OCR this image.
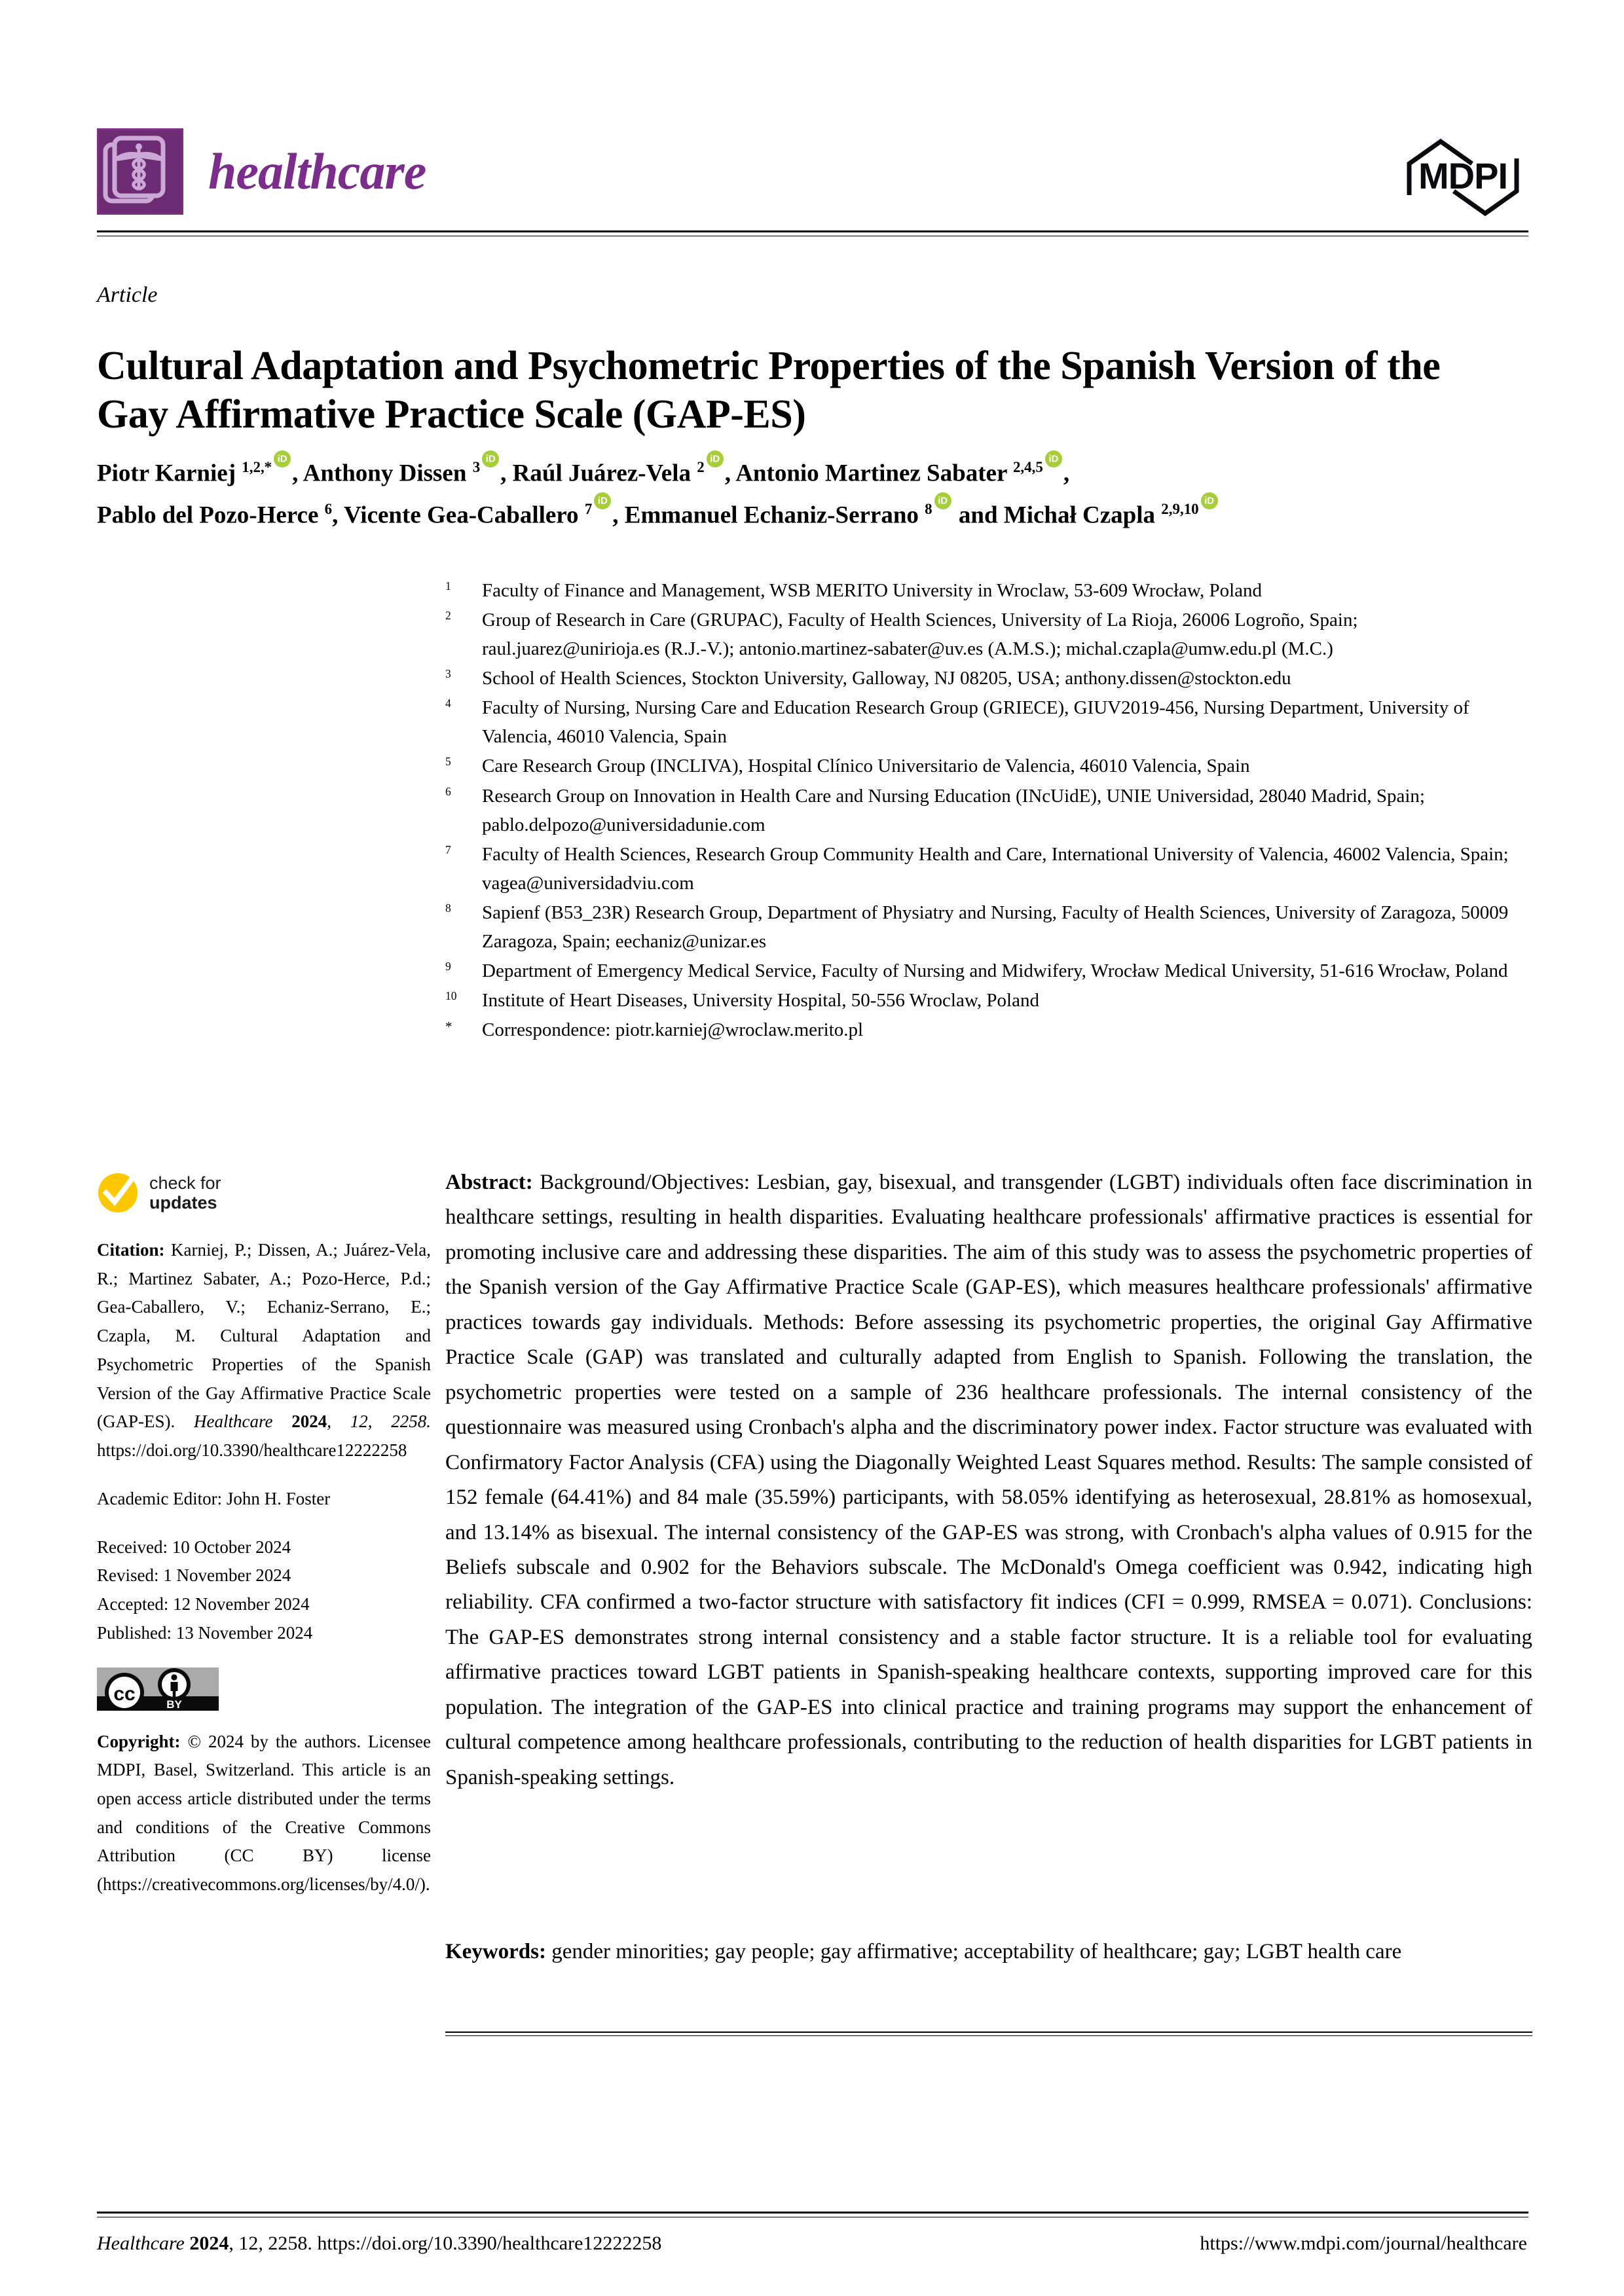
healthcare	MDPI
Article
Cultural Adaptation and Psychometric Properties of the Spanish Version of the Gay Affirmative Practice Scale (GAP-ES)
Piotr Karniej $^{1,2,*}$iD , Anthony Dissen $^3$iD , Raúl Juárez-Vela $^2$iD , Antonio Martinez Sabater $^{2,4,5}$iD ,
Pablo del Pozo-Herce $^6$, Vicente Gea-Caballero $^7$iD , Emmanuel Echaniz-Serrano $^8$iD and Michał Czapla $^{2,9,10}$iD
$^1$	Faculty of Finance and Management, WSB MERITO University in Wroclaw, 53-609 Wrocław, Poland
$^2$	Group of Research in Care (GRUPAC), Faculty of Health Sciences, University of La Rioja, 26006 Logroño, Spain; raul.juarez@unirioja.es (R.J.-V.); antonio.martinez-sabater@uv.es (A.M.S.); michal.czapla@umw.edu.pl (M.C.)
$^3$	School of Health Sciences, Stockton University, Galloway, NJ 08205, USA; anthony.dissen@stockton.edu
$^4$	Faculty of Nursing, Nursing Care and Education Research Group (GRIECE), GIUV2019-456, Nursing Department, University of Valencia, 46010 Valencia, Spain
$^5$	Care Research Group (INCLIVA), Hospital Clínico Universitario de Valencia, 46010 Valencia, Spain
$^6$	Research Group on Innovation in Health Care and Nursing Education (INcUidE), UNIE Universidad, 28040 Madrid, Spain; pablo.delpozo@universidadunie.com
$^7$	Faculty of Health Sciences, Research Group Community Health and Care, International University of Valencia, 46002 Valencia, Spain; vagea@universidadviu.com
$^8$	Sapienf (B53_23R) Research Group, Department of Physiatry and Nursing, Faculty of Health Sciences, University of Zaragoza, 50009 Zaragoza, Spain; eechaniz@unizar.es
$^9$	Department of Emergency Medical Service, Faculty of Nursing and Midwifery, Wrocław Medical University, 51-616 Wrocław, Poland
$^{10}$	Institute of Heart Diseases, University Hospital, 50-556 Wroclaw, Poland
*	Correspondence: piotr.karniej@wroclaw.merito.pl
check for
updates
Citation: Karniej, P.; Dissen, A.; Juárez-Vela, R.; Martinez Sabater, A.; Pozo-Herce, P.d.; Gea-Caballero, V.; Echaniz-Serrano, E.; Czapla, M. Cultural Adaptation and Psychometric Properties of the Spanish Version of the Gay Affirmative Practice Scale (GAP-ES). Healthcare 2024, 12, 2258. https://doi.org/10.3390/healthcare12222258
Academic Editor: John H. Foster
Received: 10 October 2024
Revised: 1 November 2024
Accepted: 12 November 2024
Published: 13 November 2024
cc	BY
Copyright: © 2024 by the authors. Licensee MDPI, Basel, Switzerland. This article is an open access article distributed under the terms and conditions of the Creative Commons Attribution (CC BY) license (https://creativecommons.org/licenses/by/4.0/).
Abstract: Background/Objectives: Lesbian, gay, bisexual, and transgender (LGBT) individuals often face discrimination in healthcare settings, resulting in health disparities. Evaluating healthcare professionals' affirmative practices is essential for promoting inclusive care and addressing these disparities. The aim of this study was to assess the psychometric properties of the Spanish version of the Gay Affirmative Practice Scale (GAP-ES), which measures healthcare professionals' affirmative practices towards gay individuals. Methods: Before assessing its psychometric properties, the original Gay Affirmative Practice Scale (GAP) was translated and culturally adapted from English to Spanish. Following the translation, the psychometric properties were tested on a sample of 236 healthcare professionals. The internal consistency of the questionnaire was measured using Cronbach's alpha and the discriminatory power index. Factor structure was evaluated with Confirmatory Factor Analysis (CFA) using the Diagonally Weighted Least Squares method. Results: The sample consisted of 152 female (64.41%) and 84 male (35.59%) participants, with 58.05% identifying as heterosexual, 28.81% as homosexual, and 13.14% as bisexual. The internal consistency of the GAP-ES was strong, with Cronbach's alpha values of 0.915 for the Beliefs subscale and 0.902 for the Behaviors subscale. The McDonald's Omega coefficient was 0.942, indicating high reliability. CFA confirmed a two-factor structure with satisfactory fit indices (CFI = 0.999, RMSEA = 0.071). Conclusions: The GAP-ES demonstrates strong internal consistency and a stable factor structure. It is a reliable tool for evaluating affirmative practices toward LGBT patients in Spanish-speaking healthcare contexts, supporting improved care for this population. The integration of the GAP-ES into clinical practice and training programs may support the enhancement of cultural competence among healthcare professionals, contributing to the reduction of health disparities for LGBT patients in Spanish-speaking settings.
Keywords: gender minorities; gay people; gay affirmative; acceptability of healthcare; gay; LGBT health care
Healthcare 2024, 12, 2258. https://doi.org/10.3390/healthcare12222258	https://www.mdpi.com/journal/healthcare
